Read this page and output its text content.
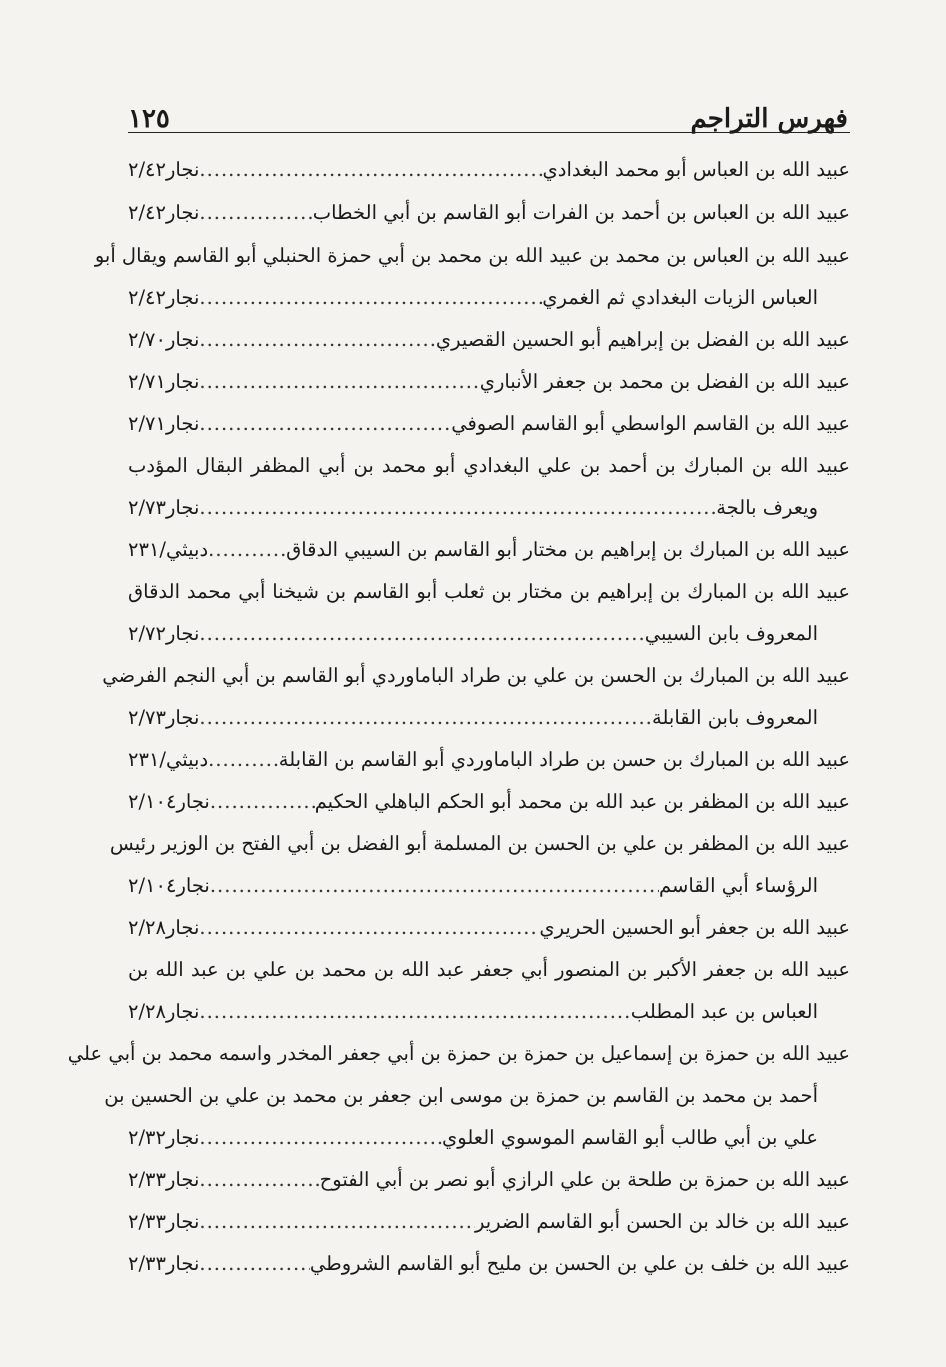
١٢٥	فهرس التراجم
عبيد الله بن العباس أبو محمد البغدادي
.....
نجار٢/٤٢
عبيد الله بن العباس بن أحمد بن الفرات أبو القاسم بن أبي الخطاب
.....
نجار٢/٤٢
عبيد الله بن العباس بن محمد بن عبيد الله بن محمد بن أبي حمزة الحنبلي أبو القاسم ويقال أبو
العباس الزيات البغدادي ثم الغمري
.....
نجار٢/٤٢
عبيد الله بن الفضل بن إبراهيم أبو الحسين القصيري
.....
نجار٢/٧٠
عبيد الله بن الفضل بن محمد بن جعفر الأنباري
.....
نجار٢/٧١
عبيد الله بن القاسم الواسطي أبو القاسم الصوفي
.....
نجار٢/٧١
عبيد الله بن المبارك بن أحمد بن علي البغدادي أبو محمد بن أبي المظفر البقال المؤدب
ويعرف بالجة
.....
نجار٢/٧٣
عبيد الله بن المبارك بن إبراهيم بن مختار أبو القاسم بن السيبي الدقاق
.....
دبيثي/٢٣١
عبيد الله بن المبارك بن إبراهيم بن مختار بن ثعلب أبو القاسم بن شيخنا أبي محمد الدقاق
المعروف بابن السيبي
.....
نجار٢/٧٢
عبيد الله بن المبارك بن الحسن بن علي بن طراد الباماوردي أبو القاسم بن أبي النجم الفرضي
المعروف بابن القابلة
.....
نجار٢/٧٣
عبيد الله بن المبارك بن حسن بن طراد الباماوردي أبو القاسم بن القابلة
.....
دبيثي/٢٣١
عبيد الله بن المظفر بن عبد الله بن محمد أبو الحكم الباهلي الحكيم
.....
نجار٢/١٠٤
عبيد الله بن المظفر بن علي بن الحسن بن المسلمة أبو الفضل بن أبي الفتح بن الوزير رئيس
الرؤساء أبي القاسم
.....
نجار٢/١٠٤
عبيد الله بن جعفر أبو الحسين الحريري
.....
نجار٢/٢٨
عبيد الله بن جعفر الأكبر بن المنصور أبي جعفر عبد الله بن محمد بن علي بن عبد الله بن
العباس بن عبد المطلب
.....
نجار٢/٢٨
عبيد الله بن حمزة بن إسماعيل بن حمزة بن حمزة بن أبي جعفر المخدر واسمه محمد بن أبي علي
أحمد بن محمد بن القاسم بن حمزة بن موسى ابن جعفر بن محمد بن علي بن الحسين بن
علي بن أبي طالب أبو القاسم الموسوي العلوي
.....
نجار٢/٣٢
عبيد الله بن حمزة بن طلحة بن علي الرازي أبو نصر بن أبي الفتوح
.....
نجار٢/٣٣
عبيد الله بن خالد بن الحسن أبو القاسم الضرير
.....
نجار٢/٣٣
عبيد الله بن خلف بن علي بن الحسن بن مليح أبو القاسم الشروطي
.....
نجار٢/٣٣
